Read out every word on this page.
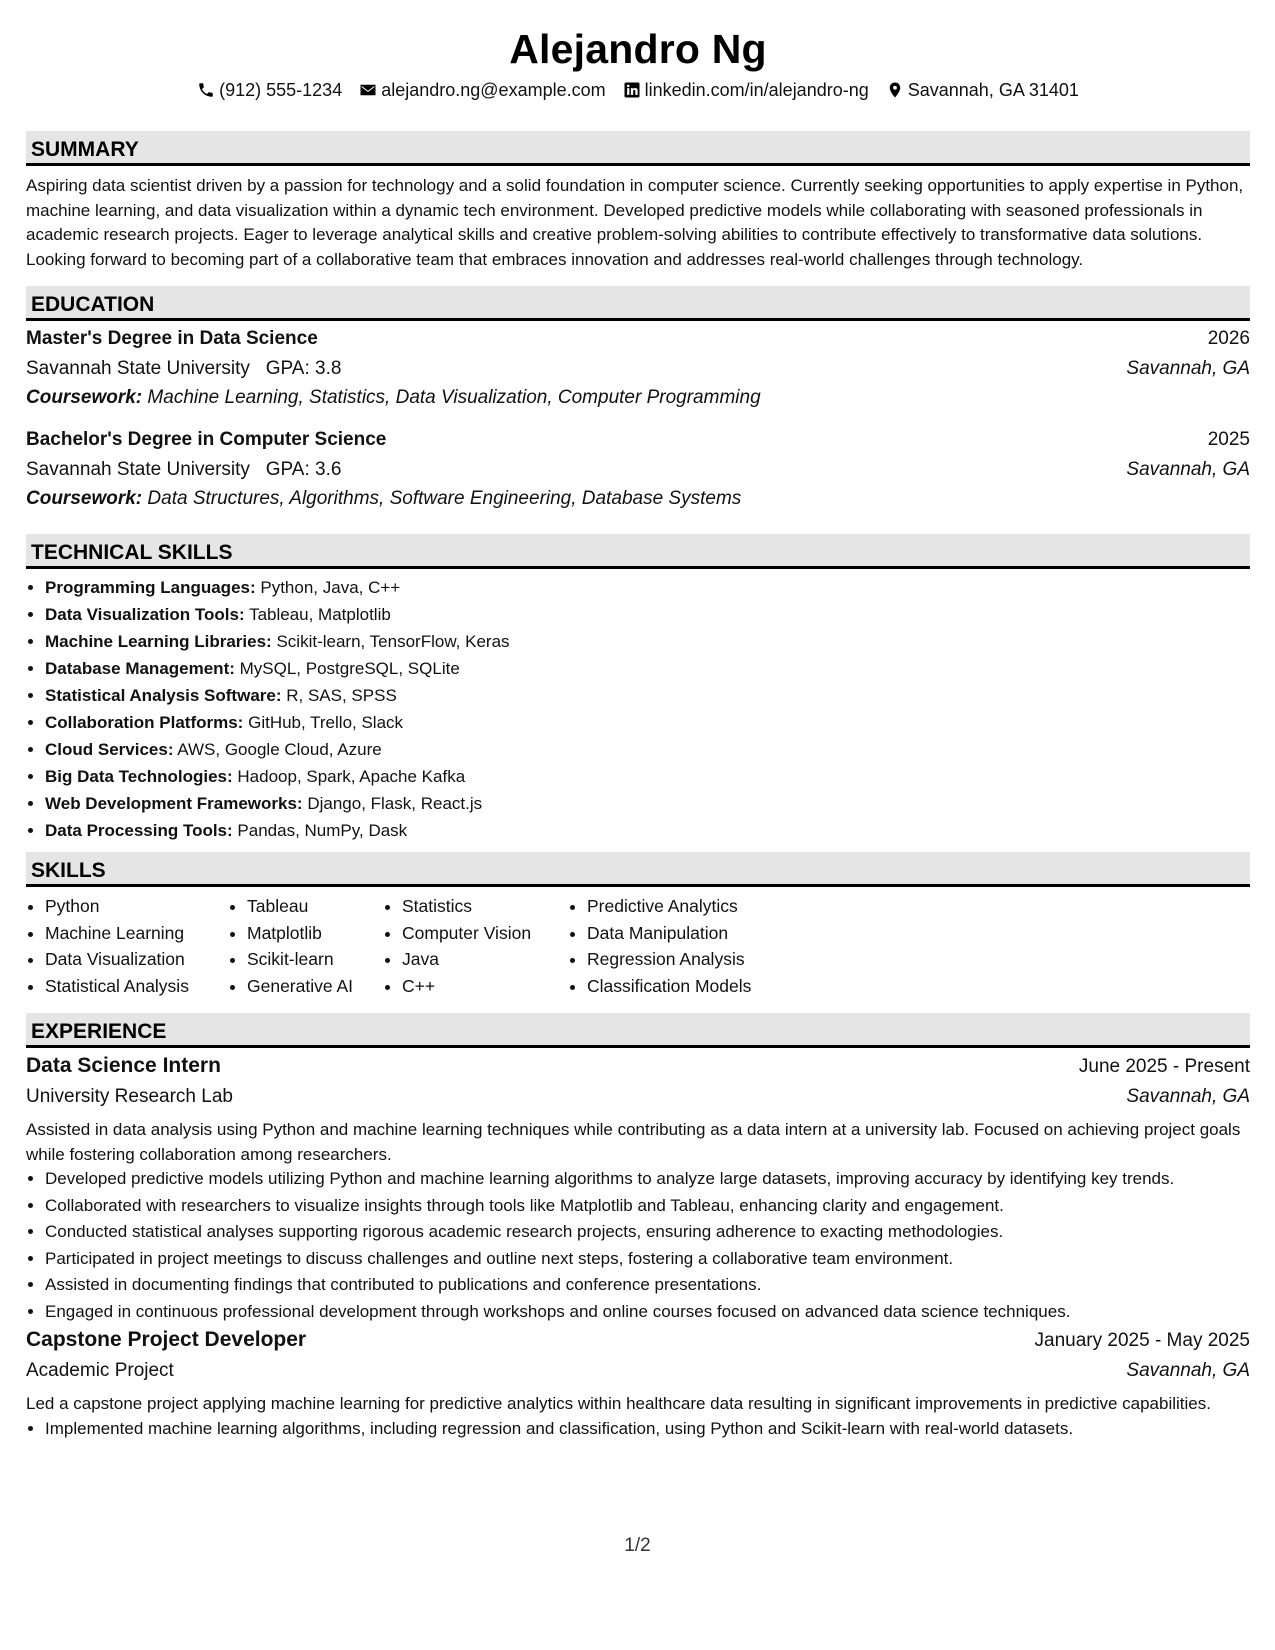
Alejandro Ng
(912) 555-1234 alejandro.ng@example.com linkedin.com/in/alejandro-ng Savannah, GA 31401
SUMMARY
Aspiring data scientist driven by a passion for technology and a solid foundation in computer science. Currently seeking opportunities to apply expertise in Python, machine learning, and data visualization within a dynamic tech environment. Developed predictive models while collaborating with seasoned professionals in academic research projects. Eager to leverage analytical skills and creative problem-solving abilities to contribute effectively to transformative data solutions. Looking forward to becoming part of a collaborative team that embraces innovation and addresses real-world challenges through technology.
EDUCATION
Master's Degree in Data Science	2026
Savannah State University GPA: 3.8	Savannah, GA
Coursework: Machine Learning, Statistics, Data Visualization, Computer Programming
Bachelor's Degree in Computer Science	2025
Savannah State University GPA: 3.6	Savannah, GA
Coursework: Data Structures, Algorithms, Software Engineering, Database Systems
TECHNICAL SKILLS
• Programming Languages: Python, Java, C++
• Data Visualization Tools: Tableau, Matplotlib
• Machine Learning Libraries: Scikit-learn, TensorFlow, Keras
• Database Management: MySQL, PostgreSQL, SQLite
• Statistical Analysis Software: R, SAS, SPSS
• Collaboration Platforms: GitHub, Trello, Slack
• Cloud Services: AWS, Google Cloud, Azure
• Big Data Technologies: Hadoop, Spark, Apache Kafka
• Web Development Frameworks: Django, Flask, React.js
• Data Processing Tools: Pandas, NumPy, Dask
SKILLS
• Python
• Machine Learning
• Data Visualization
• Statistical Analysis
• Tableau
• Matplotlib
• Scikit-learn
• Generative AI
• Statistics
• Computer Vision
• Java
• C++
• Predictive Analytics
• Data Manipulation
• Regression Analysis
• Classification Models
EXPERIENCE
Data Science Intern	June 2025 - Present
University Research Lab	Savannah, GA
Assisted in data analysis using Python and machine learning techniques while contributing as a data intern at a university lab. Focused on achieving project goals while fostering collaboration among researchers.
• Developed predictive models utilizing Python and machine learning algorithms to analyze large datasets, improving accuracy by identifying key trends.
• Collaborated with researchers to visualize insights through tools like Matplotlib and Tableau, enhancing clarity and engagement.
• Conducted statistical analyses supporting rigorous academic research projects, ensuring adherence to exacting methodologies.
• Participated in project meetings to discuss challenges and outline next steps, fostering a collaborative team environment.
• Assisted in documenting findings that contributed to publications and conference presentations.
• Engaged in continuous professional development through workshops and online courses focused on advanced data science techniques.
Capstone Project Developer	January 2025 - May 2025
Academic Project	Savannah, GA
Led a capstone project applying machine learning for predictive analytics within healthcare data resulting in significant improvements in predictive capabilities.
• Implemented machine learning algorithms, including regression and classification, using Python and Scikit-learn with real-world datasets.
1/2
